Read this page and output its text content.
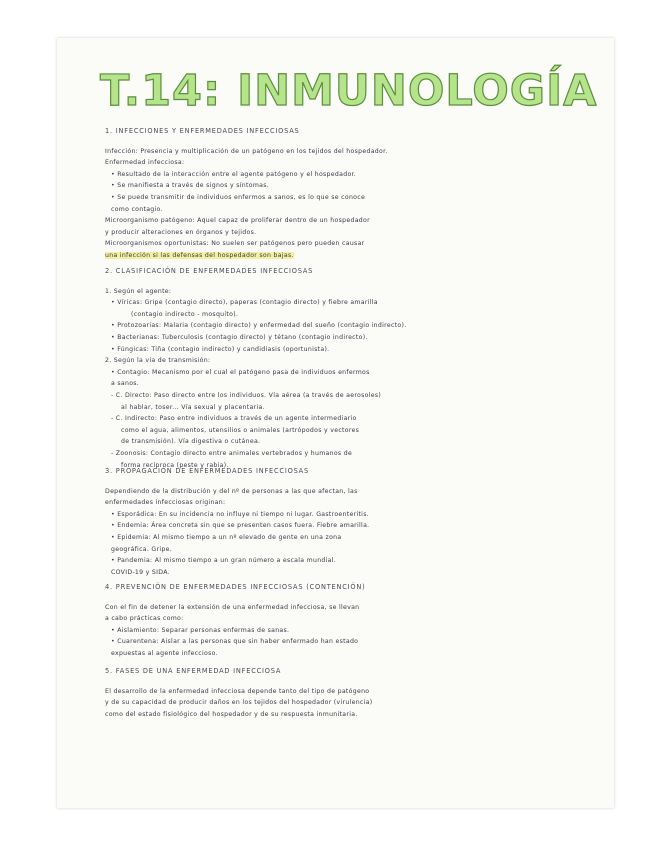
T.14: INMUNOLOGÍA
1. INFECCIONES Y ENFERMEDADES INFECCIOSAS
Infección: Presencia y multiplicación de un patógeno en los tejidos del hospedador.
Enfermedad infecciosa:
• Resultado de la interacción entre el agente patógeno y el hospedador.
• Se manifiesta a través de signos y síntomas.
• Se puede transmitir de individuos enfermos a sanos, es lo que se conoce
como contagio.
Microorganismo patógeno: Aquel capaz de proliferar dentro de un hospedador
y producir alteraciones en órganos y tejidos.
Microorganismos oportunistas: No suelen ser patógenos pero pueden causar
una infección si las defensas del hospedador son bajas.
2. CLASIFICACIÓN DE ENFERMEDADES INFECCIOSAS
1. Según el agente:
• Víricas: Gripe (contagio directo), paperas (contagio directo) y fiebre amarilla
(contagio indirecto - mosquito).
• Protozoarias: Malaria (contagio directo) y enfermedad del sueño (contagio indirecto).
• Bacterianas: Tuberculosis (contagio directo) y tétano (contagio indirecto).
• Fúngicas: Tiña (contagio indirecto) y candidiasis (oportunista).
2. Según la vía de transmisión:
• Contagio: Mecanismo por el cual el patógeno pasa de individuos enfermos
a sanos.
- C. Directo: Paso directo entre los individuos. Vía aérea (a través de aerosoles)
al hablar, toser... Vía sexual y placentaria.
- C. Indirecto: Paso entre individuos a través de un agente intermediario
como el agua, alimentos, utensilios o animales (artrópodos y vectores
de transmisión). Vía digestiva o cutánea.
- Zoonosis: Contagio directo entre animales vertebrados y humanos de
forma recíproca (peste y rabia).
3. PROPAGACIÓN DE ENFERMEDADES INFECCIOSAS
Dependiendo de la distribución y del nº de personas a las que afectan, las
enfermedades infecciosas originan:
• Esporádica: En su incidencia no influye ni tiempo ni lugar. Gastroenteritis.
• Endemia: Área concreta sin que se presenten casos fuera. Fiebre amarilla.
• Epidemia: Al mismo tiempo a un nº elevado de gente en una zona
geográfica. Gripe.
• Pandemia: Al mismo tiempo a un gran número a escala mundial.
COVID-19 y SIDA.
4. PREVENCIÓN DE ENFERMEDADES INFECCIOSAS (CONTENCIÓN)
Con el fin de detener la extensión de una enfermedad infecciosa, se llevan
a cabo prácticas como:
• Aislamiento: Separar personas enfermas de sanas.
• Cuarentena: Aislar a las personas que sin haber enfermado han estado
expuestas al agente infeccioso.
5. FASES DE UNA ENFERMEDAD INFECCIOSA
El desarrollo de la enfermedad infecciosa depende tanto del tipo de patógeno
y de su capacidad de producir daños en los tejidos del hospedador (virulencia)
como del estado fisiológico del hospedador y de su respuesta inmunitaria.
